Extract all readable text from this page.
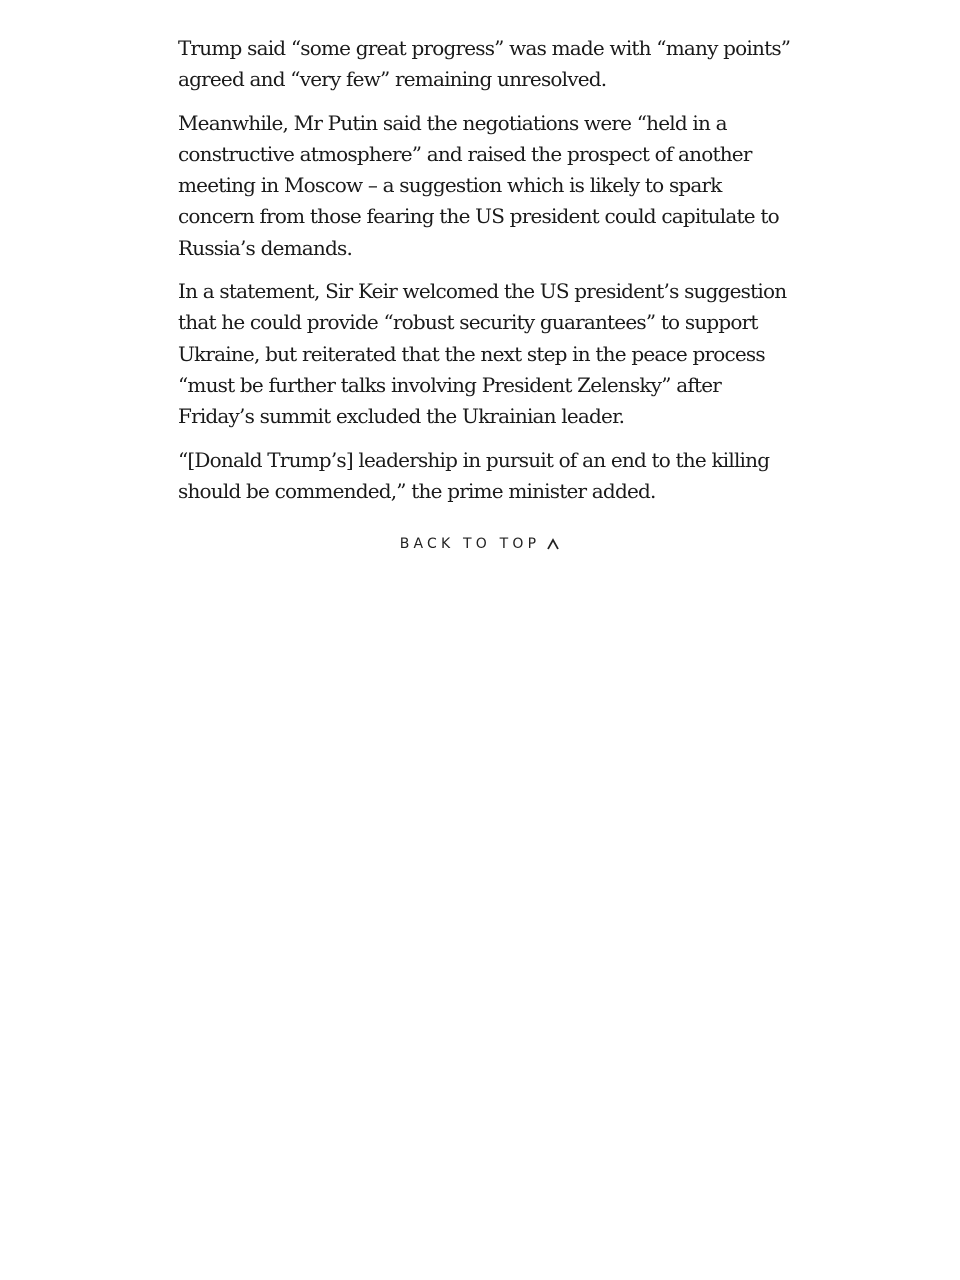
Trump said “some great progress” was made with “many points” agreed and “very few” remaining unresolved.

Meanwhile, Mr Putin said the negotiations were “held in a constructive atmosphere” and raised the prospect of another meeting in Moscow – a suggestion which is likely to spark concern from those fearing the US president could capitulate to Russia’s demands.

In a statement, Sir Keir welcomed the US president’s suggestion that he could provide “robust security guarantees” to support Ukraine, but reiterated that the next step in the peace process “must be further talks involving President Zelensky” after Friday’s summit excluded the Ukrainian leader.

“[Donald Trump’s] leadership in pursuit of an end to the killing should be commended,” the prime minister added.

BACK TO TOP
